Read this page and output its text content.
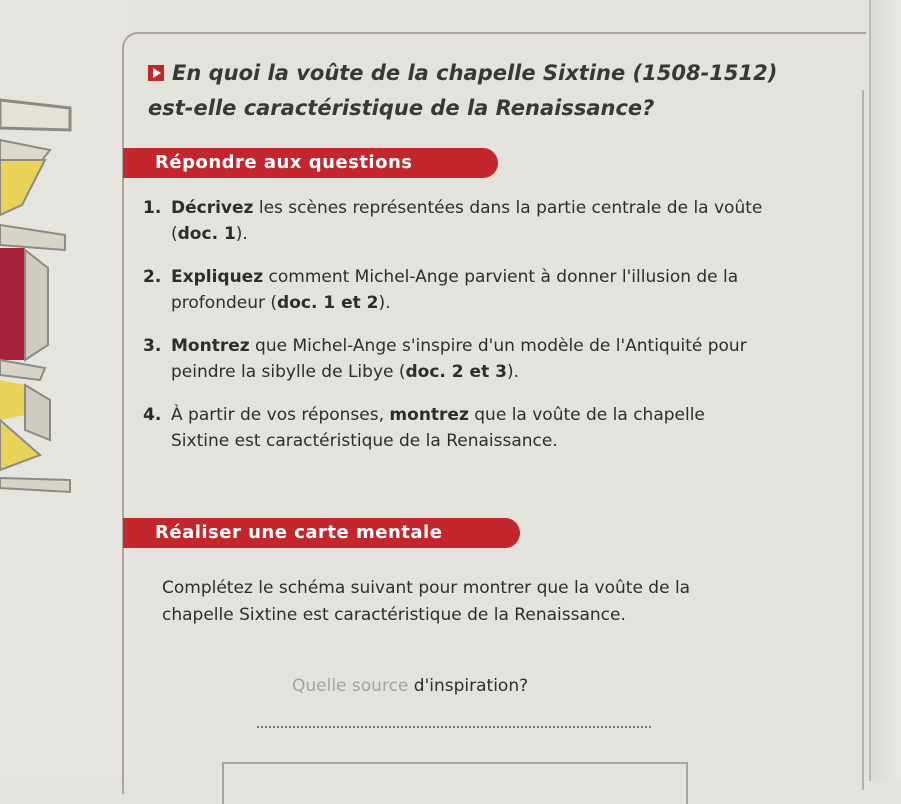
En quoi la voûte de la chapelle Sixtine (1508-1512)
est-elle caractéristique de la Renaissance?
Répondre aux questions
1. Décrivez les scènes représentées dans la partie centrale de la voûte (doc. 1).
2. Expliquez comment Michel-Ange parvient à donner l'illusion de la profondeur (doc. 1 et 2).
3. Montrez que Michel-Ange s'inspire d'un modèle de l'Antiquité pour peindre la sibylle de Libye (doc. 2 et 3).
4. À partir de vos réponses, montrez que la voûte de la chapelle Sixtine est caractéristique de la Renaissance.
Réaliser une carte mentale
Complétez le schéma suivant pour montrer que la voûte de la chapelle Sixtine est caractéristique de la Renaissance.
Quelle source d'inspiration?
